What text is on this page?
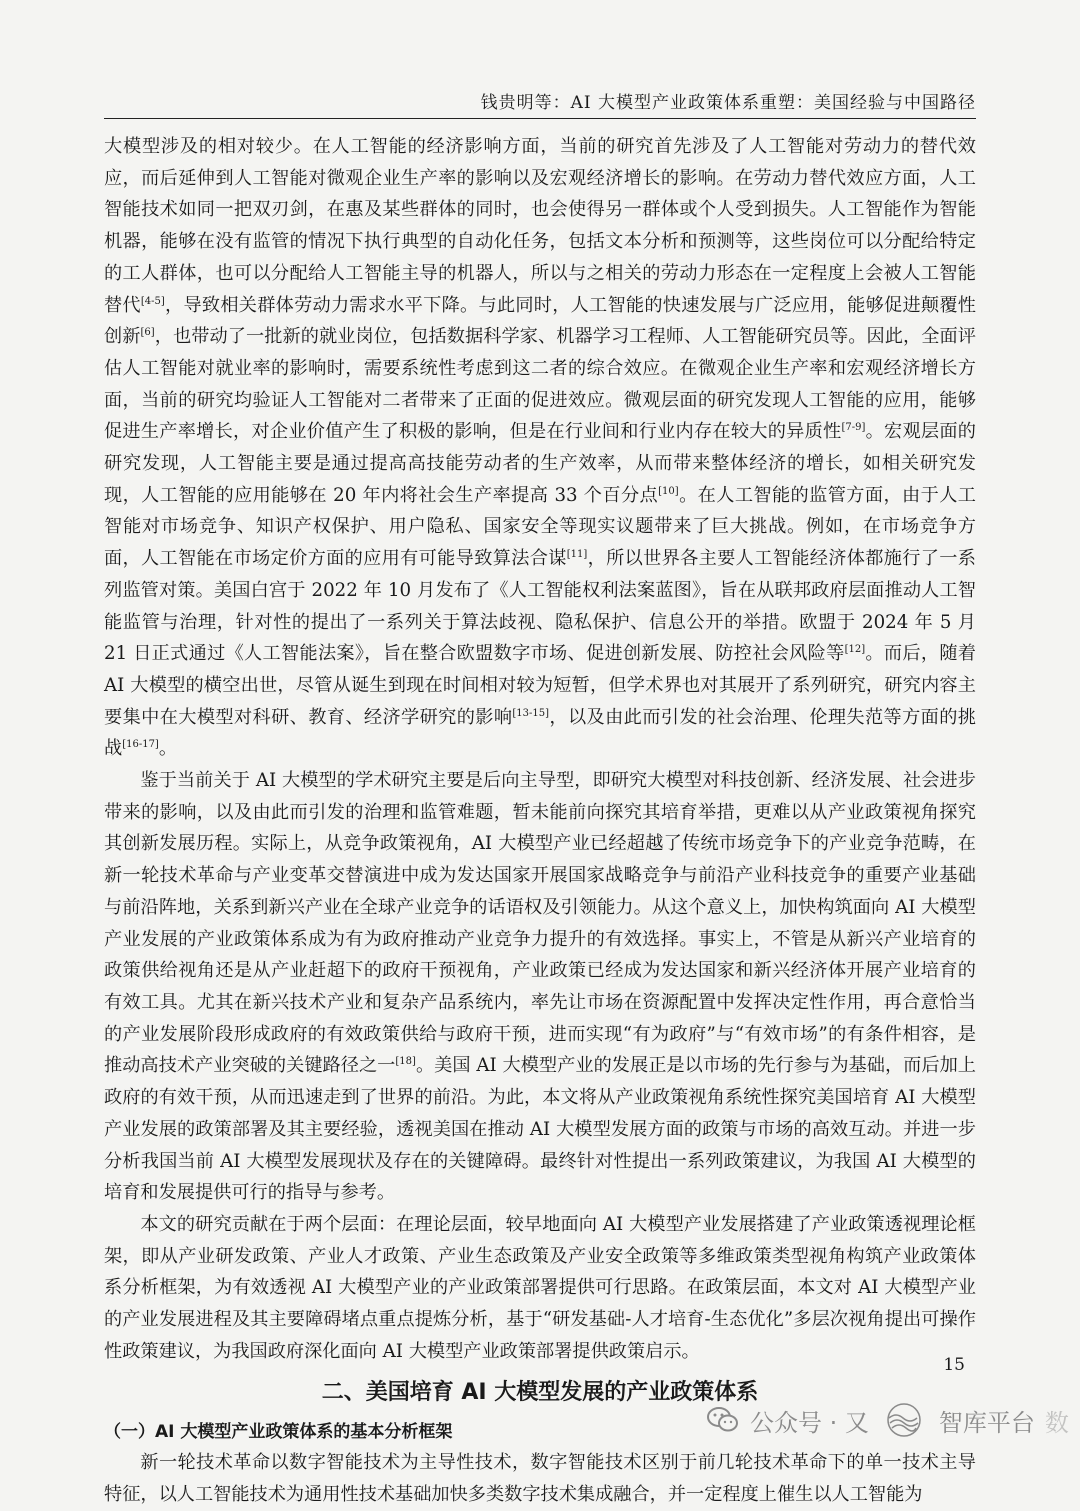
钱贵明等：AI 大模型产业政策体系重塑：美国经验与中国路径

大模型涉及的相对较少。在人工智能的经济影响方面，当前的研究首先涉及了人工智能对劳动力的替代效应，而后延伸到人工智能对微观企业生产率的影响以及宏观经济增长的影响。在劳动力替代效应方面，人工智能技术如同一把双刃剑，在惠及某些群体的同时，也会使得另一群体或个人受到损失。人工智能作为智能机器，能够在没有监管的情况下执行典型的自动化任务，包括文本分析和预测等，这些岗位可以分配给特定的工人群体，也可以分配给人工智能主导的机器人，所以与之相关的劳动力形态在一定程度上会被人工智能替代[4-5]，导致相关群体劳动力需求水平下降。与此同时，人工智能的快速发展与广泛应用，能够促进颠覆性创新[6]，也带动了一批新的就业岗位，包括数据科学家、机器学习工程师、人工智能研究员等。因此，全面评估人工智能对就业率的影响时，需要系统性考虑到这二者的综合效应。在微观企业生产率和宏观经济增长方面，当前的研究均验证人工智能对二者带来了正面的促进效应。微观层面的研究发现人工智能的应用，能够促进生产率增长，对企业价值产生了积极的影响，但是在行业间和行业内存在较大的异质性[7-9]。宏观层面的研究发现，人工智能主要是通过提高高技能劳动者的生产效率，从而带来整体经济的增长，如相关研究发现，人工智能的应用能够在 20 年内将社会生产率提高 33 个百分点[10]。在人工智能的监管方面，由于人工智能对市场竞争、知识产权保护、用户隐私、国家安全等现实议题带来了巨大挑战。例如，在市场竞争方面，人工智能在市场定价方面的应用有可能导致算法合谋[11]，所以世界各主要人工智能经济体都施行了一系列监管对策。美国白宫于 2022 年 10 月发布了《人工智能权利法案蓝图》，旨在从联邦政府层面推动人工智能监管与治理，针对性的提出了一系列关于算法歧视、隐私保护、信息公开的举措。欧盟于 2024 年 5 月 21 日正式通过《人工智能法案》，旨在整合欧盟数字市场、促进创新发展、防控社会风险等[12]。而后，随着 AI 大模型的横空出世，尽管从诞生到现在时间相对较为短暂，但学术界也对其展开了系列研究，研究内容主要集中在大模型对科研、教育、经济学研究的影响[13-15]，以及由此而引发的社会治理、伦理失范等方面的挑战[16-17]。

鉴于当前关于 AI 大模型的学术研究主要是后向主导型，即研究大模型对科技创新、经济发展、社会进步带来的影响，以及由此而引发的治理和监管难题，暂未能前向探究其培育举措，更难以从产业政策视角探究其创新发展历程。实际上，从竞争政策视角，AI 大模型产业已经超越了传统市场竞争下的产业竞争范畴，在新一轮技术革命与产业变革交替演进中成为发达国家开展国家战略竞争与前沿产业科技竞争的重要产业基础与前沿阵地，关系到新兴产业在全球产业竞争的话语权及引领能力。从这个意义上，加快构筑面向 AI 大模型产业发展的产业政策体系成为有为政府推动产业竞争力提升的有效选择。事实上，不管是从新兴产业培育的政策供给视角还是从产业赶超下的政府干预视角，产业政策已经成为发达国家和新兴经济体开展产业培育的有效工具。尤其在新兴技术产业和复杂产品系统内，率先让市场在资源配置中发挥决定性作用，再合意恰当的产业发展阶段形成政府的有效政策供给与政府干预，进而实现“有为政府”与“有效市场”的有条件相容，是推动高技术产业突破的关键路径之一[18]。美国 AI 大模型产业的发展正是以市场的先行参与为基础，而后加上政府的有效干预，从而迅速走到了世界的前沿。为此，本文将从产业政策视角系统性探究美国培育 AI 大模型产业发展的政策部署及其主要经验，透视美国在推动 AI 大模型发展方面的政策与市场的高效互动。并进一步分析我国当前 AI 大模型发展现状及存在的关键障碍。最终针对性提出一系列政策建议，为我国 AI 大模型的培育和发展提供可行的指导与参考。

本文的研究贡献在于两个层面：在理论层面，较早地面向 AI 大模型产业发展搭建了产业政策透视理论框架，即从产业研发政策、产业人才政策、产业生态政策及产业安全政策等多维政策类型视角构筑产业政策体系分析框架，为有效透视 AI 大模型产业的产业政策部署提供可行思路。在政策层面，本文对 AI 大模型产业的产业发展进程及其主要障碍堵点重点提炼分析，基于“研发基础-人才培育-生态优化”多层次视角提出可操作性政策建议，为我国政府深化面向 AI 大模型产业政策部署提供政策启示。

二、美国培育 AI 大模型发展的产业政策体系
（一）AI 大模型产业政策体系的基本分析框架

新一轮技术革命以数字智能技术为主导性技术，数字智能技术区别于前几轮技术革命下的单一技术主导特征，以人工智能技术为通用性技术基础加快多类数字技术集成融合，并一定程度上催生以人工智能为

15
公众号 · 又	智库平台 数
